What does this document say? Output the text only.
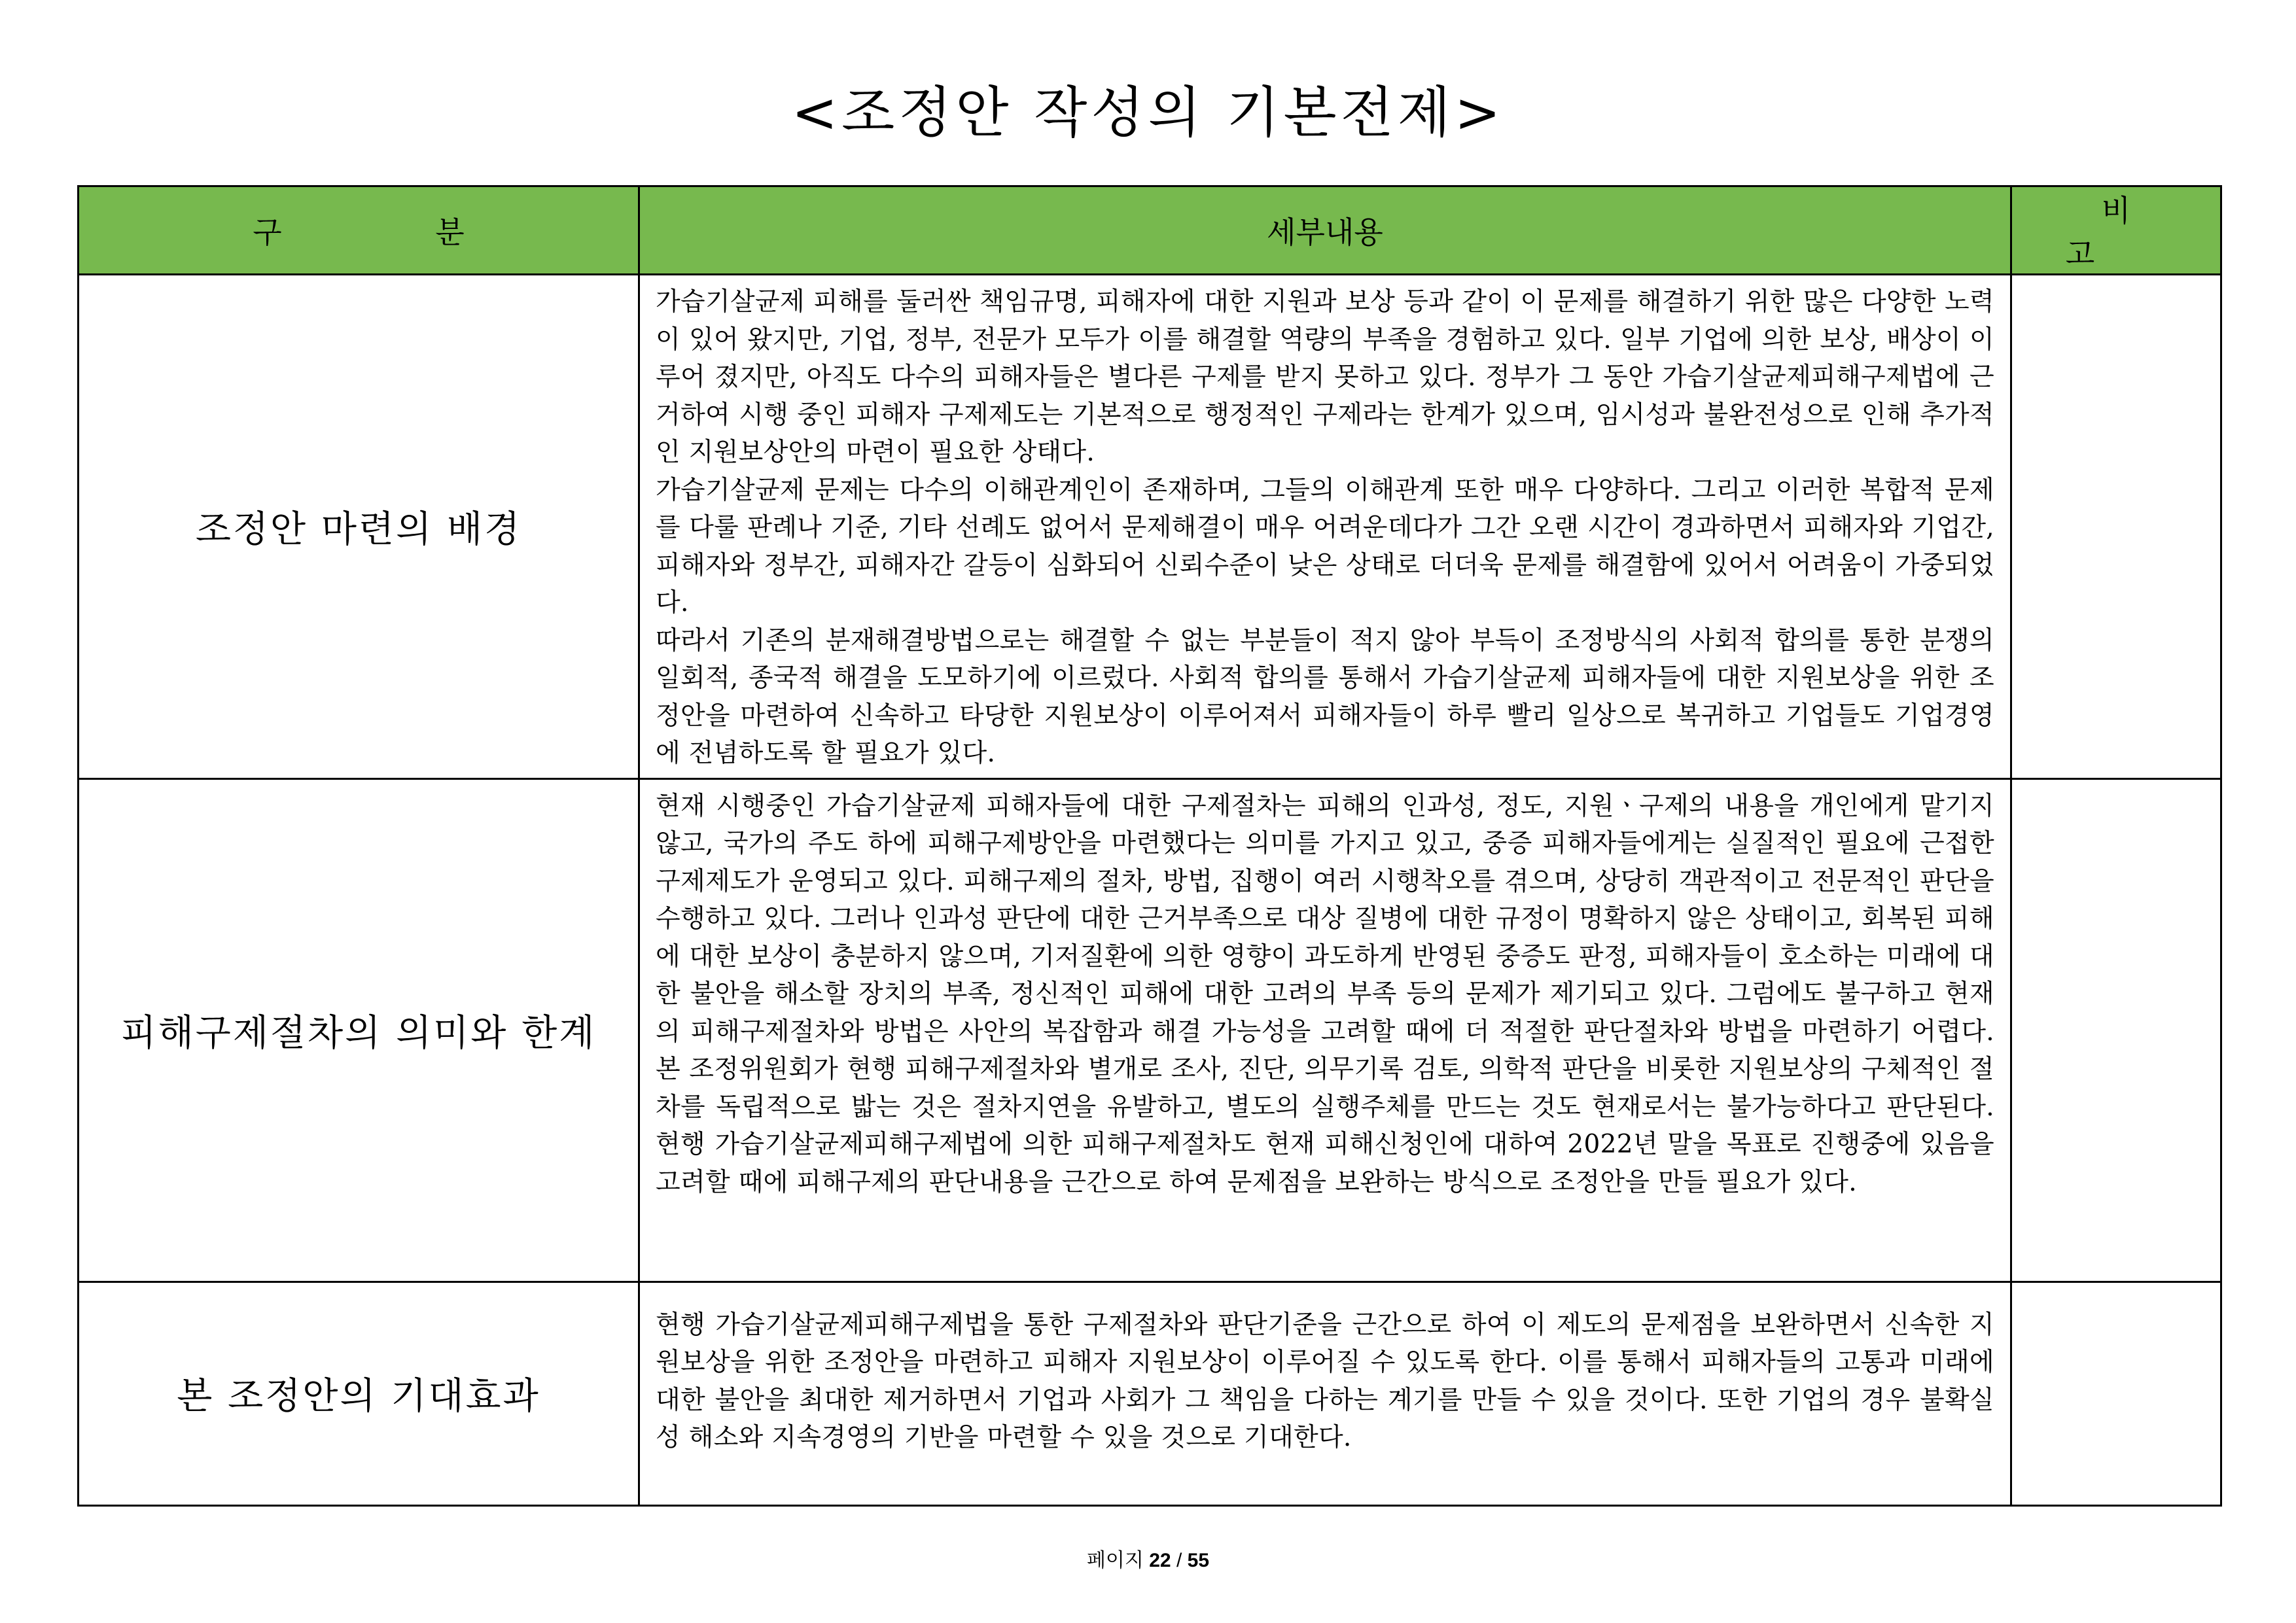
<조정안 작성의 기본전제>
구 분	세부내용	비 고
조정안 마련의 배경	가습기살균제 피해를 둘러싼 책임규명, 피해자에 대한 지원과 보상 등과 같이 이 문제를 해결하기 위한 많은 다양한 노력이 있어 왔지만, 기업, 정부, 전문가 모두가 이를 해결할 역량의 부족을 경험하고 있다. 일부 기업에 의한 보상, 배상이 이루어 졌지만, 아직도 다수의 피해자들은 별다른 구제를 받지 못하고 있다. 정부가 그 동안 가습기살균제피해구제법에 근거하여 시행 중인 피해자 구제제도는 기본적으로 행정적인 구제라는 한계가 있으며, 임시성과 불완전성으로 인해 추가적인 지원보상안의 마련이 필요한 상태다.

가습기살균제 문제는 다수의 이해관계인이 존재하며, 그들의 이해관계 또한 매우 다양하다. 그리고 이러한 복합적 문제를 다룰 판례나 기준, 기타 선례도 없어서 문제해결이 매우 어려운데다가 그간 오랜 시간이 경과하면서 피해자와 기업간, 피해자와 정부간, 피해자간 갈등이 심화되어 신뢰수준이 낮은 상태로 더더욱 문제를 해결함에 있어서 어려움이 가중되었다.

따라서 기존의 분재해결방법으로는 해결할 수 없는 부분들이 적지 않아 부득이 조정방식의 사회적 합의를 통한 분쟁의 일회적, 종국적 해결을 도모하기에 이르렀다. 사회적 합의를 통해서 가습기살균제 피해자들에 대한 지원보상을 위한 조정안을 마련하여 신속하고 타당한 지원보상이 이루어져서 피해자들이 하루 빨리 일상으로 복귀하고 기업들도 기업경영에 전념하도록 할 필요가 있다.	

피해구제절차의 의미와 한계	현재 시행중인 가습기살균제 피해자들에 대한 구제절차는 피해의 인과성, 정도, 지원ㆍ구제의 내용을 개인에게 맡기지 않고, 국가의 주도 하에 피해구제방안을 마련했다는 의미를 가지고 있고, 중증 피해자들에게는 실질적인 필요에 근접한 구제제도가 운영되고 있다. 피해구제의 절차, 방법, 집행이 여러 시행착오를 겪으며, 상당히 객관적이고 전문적인 판단을 수행하고 있다. 그러나 인과성 판단에 대한 근거부족으로 대상 질병에 대한 규정이 명확하지 않은 상태이고, 회복된 피해에 대한 보상이 충분하지 않으며, 기저질환에 의한 영향이 과도하게 반영된 중증도 판정, 피해자들이 호소하는 미래에 대한 불안을 해소할 장치의 부족, 정신적인 피해에 대한 고려의 부족 등의 문제가 제기되고 있다. 그럼에도 불구하고 현재의 피해구제절차와 방법은 사안의 복잡함과 해결 가능성을 고려할 때에 더 적절한 판단절차와 방법을 마련하기 어렵다. 본 조정위원회가 현행 피해구제절차와 별개로 조사, 진단, 의무기록 검토, 의학적 판단을 비롯한 지원보상의 구체적인 절차를 독립적으로 밟는 것은 절차지연을 유발하고, 별도의 실행주체를 만드는 것도 현재로서는 불가능하다고 판단된다. 현행 가습기살균제피해구제법에 의한 피해구제절차도 현재 피해신청인에 대하여 2022년 말을 목표로 진행중에 있음을 고려할 때에 피해구제의 판단내용을 근간으로 하여 문제점을 보완하는 방식으로 조정안을 만들 필요가 있다.	

본 조정안의 기대효과	현행 가습기살균제피해구제법을 통한 구제절차와 판단기준을 근간으로 하여 이 제도의 문제점을 보완하면서 신속한 지원보상을 위한 조정안을 마련하고 피해자 지원보상이 이루어질 수 있도록 한다. 이를 통해서 피해자들의 고통과 미래에 대한 불안을 최대한 제거하면서 기업과 사회가 그 책임을 다하는 계기를 만들 수 있을 것이다. 또한 기업의 경우 불확실성 해소와 지속경영의 기반을 마련할 수 있을 것으로 기대한다.	

페이지 22 / 55
